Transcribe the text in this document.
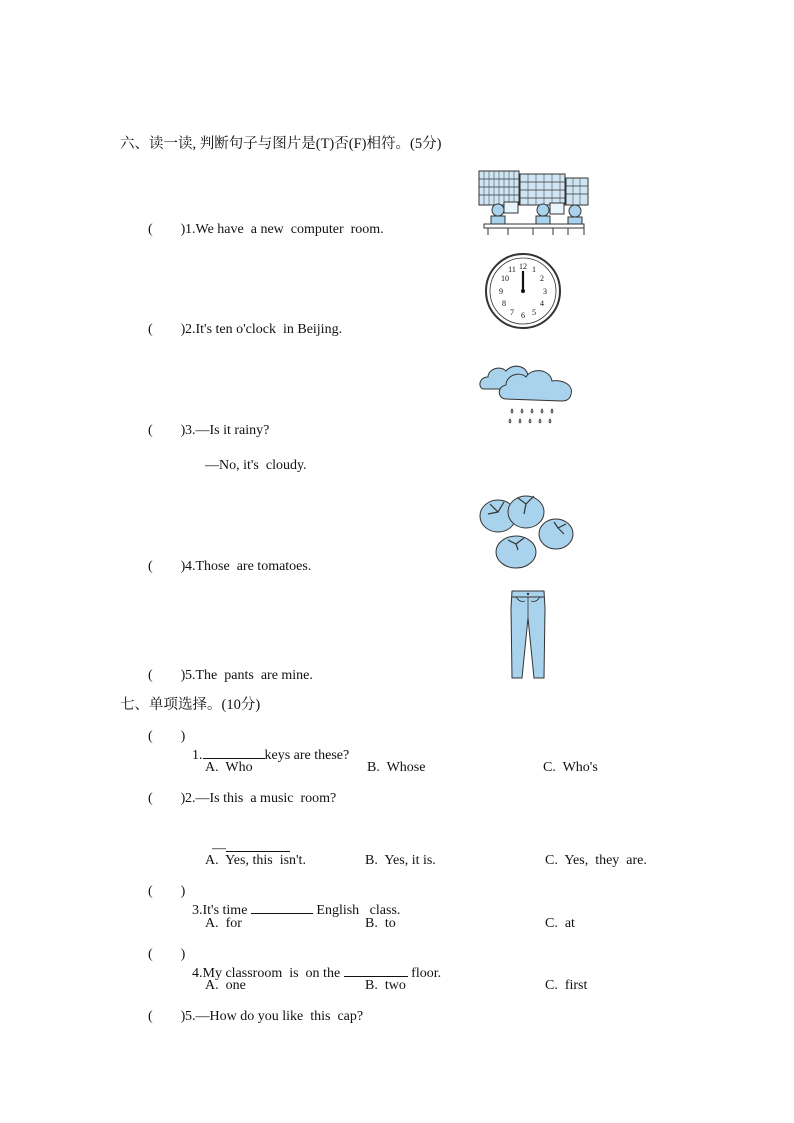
六、读一读, 判断句子与图片是(T)否(F)相符。(5分)
(        ) 1.We have  a new  computer  room.
(        ) 2.It's ten o'clock  in Beijing.
12 1
2
3
4
5
6
7
8
9
10
11
(        ) 3.—Is it rainy?
—No, it's  cloudy.
(        ) 4.Those  are tomatoes.
(        ) 5.The  pants  are mine.
七、单项选择。(10分)
(        )

1.	keys are these?

A.  Who	B.  Whose	C.  Who's
(        ) 2.—Is this  a music  room?

—

A.  Yes, this  isn't.	B.  Yes, it is.	C.  Yes,  they  are.
(        )

3.It's time	English   class.

A.  for	B.  to	C.  at
(        )

4.My classroom  is  on the	floor.

A.  one	B.  two	C.  first
(        ) 5.—How do you like  this  cap?
